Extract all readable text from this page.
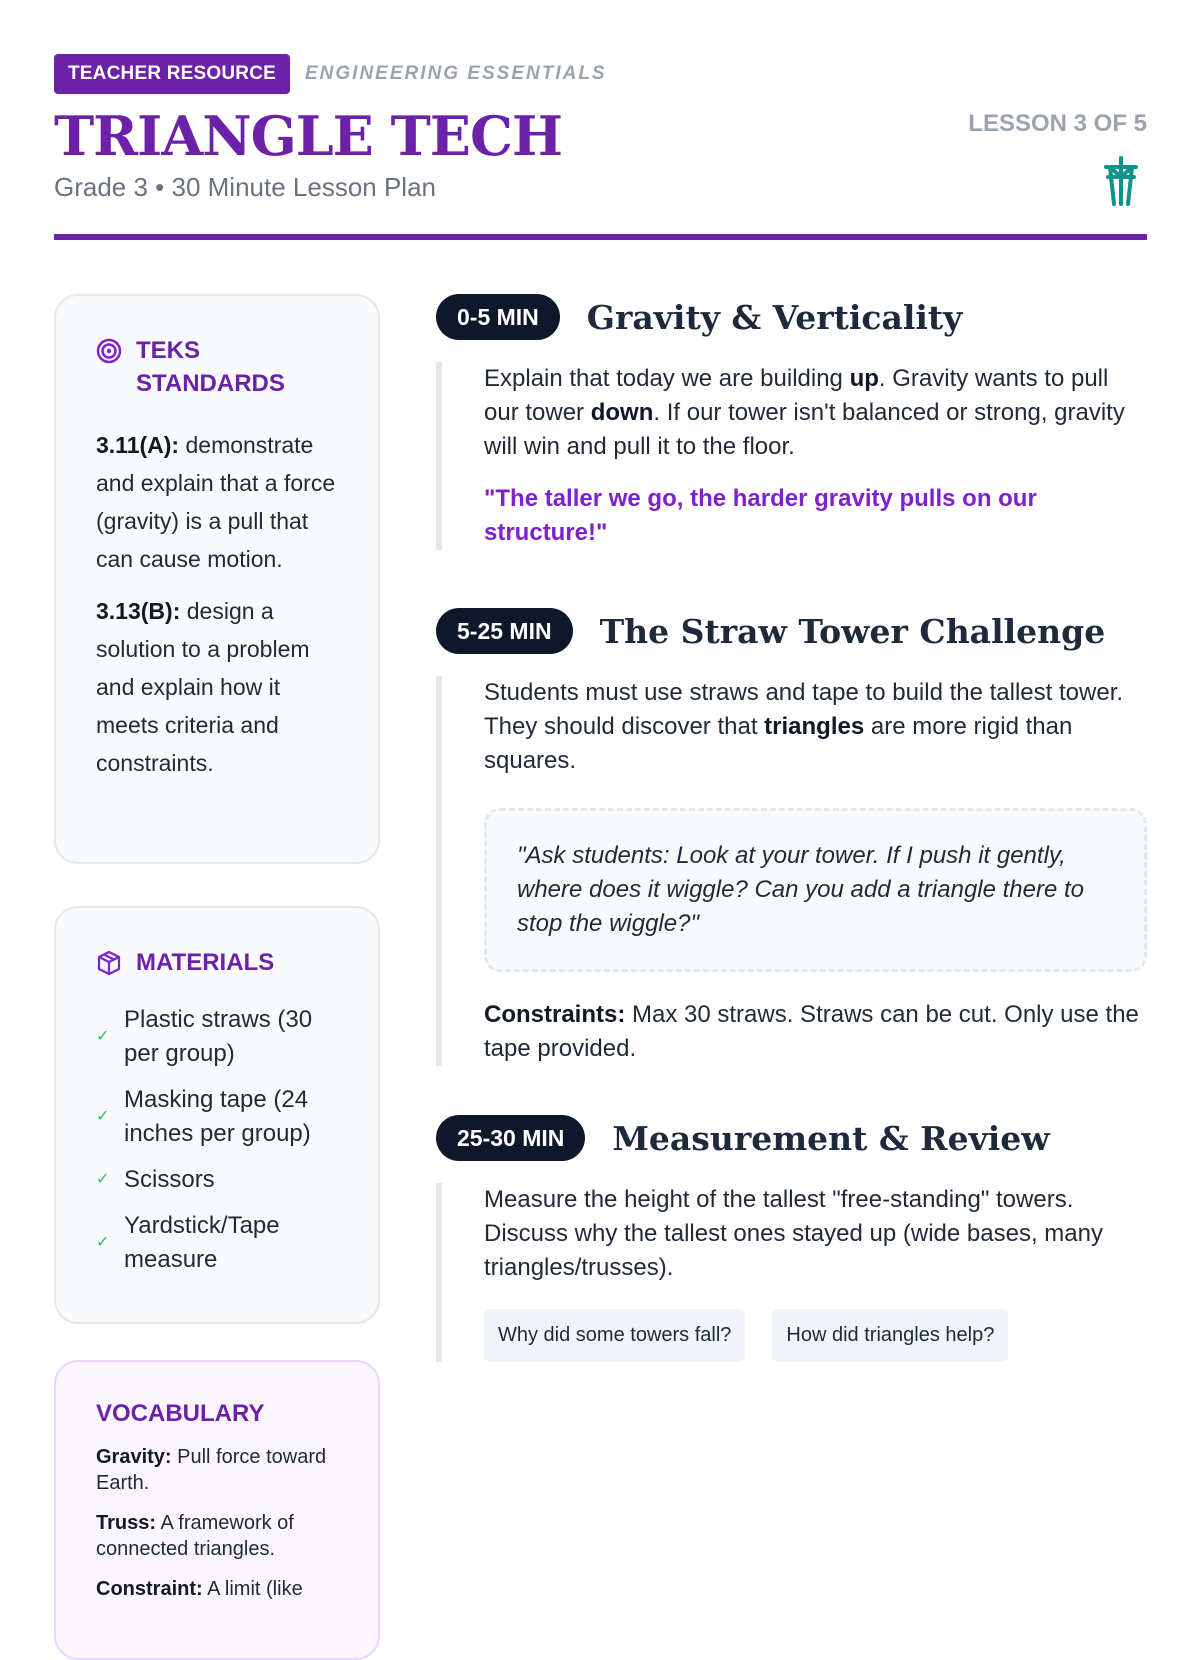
TEACHER RESOURCE	ENGINEERING ESSENTIALS
TRIANGLE TECH
Grade 3 • 30 Minute Lesson Plan
LESSON 3 OF 5
TEKS STANDARDS
3.11(A): demonstrate and explain that a force (gravity) is a pull that can cause motion.
3.13(B): design a solution to a problem and explain how it meets criteria and constraints.
MATERIALS
✓
Plastic straws (30 per group)
✓
Masking tape (24 inches per group)
✓ Scissors
✓
Yardstick/Tape measure
VOCABULARY
Gravity: Pull force toward Earth.
Truss: A framework of connected triangles.
Constraint: A limit (like
0-5 MIN	Gravity & Verticality

Explain that today we are building up. Gravity wants to pull our tower down. If our tower isn't balanced or strong, gravity will win and pull it to the floor.

"The taller we go, the harder gravity pulls on our structure!"
5-25 MIN	The Straw Tower Challenge

Students must use straws and tape to build the tallest tower. They should discover that triangles are more rigid than squares.

"Ask students: Look at your tower. If I push it gently, where does it wiggle? Can you add a triangle there to stop the wiggle?"

Constraints: Max 30 straws. Straws can be cut. Only use the tape provided.

25-30 MIN	Measurement & Review

Measure the height of the tallest "free-standing" towers. Discuss why the tallest ones stayed up (wide bases, many triangles/trusses).

Why did some towers fall?	How did triangles help?
